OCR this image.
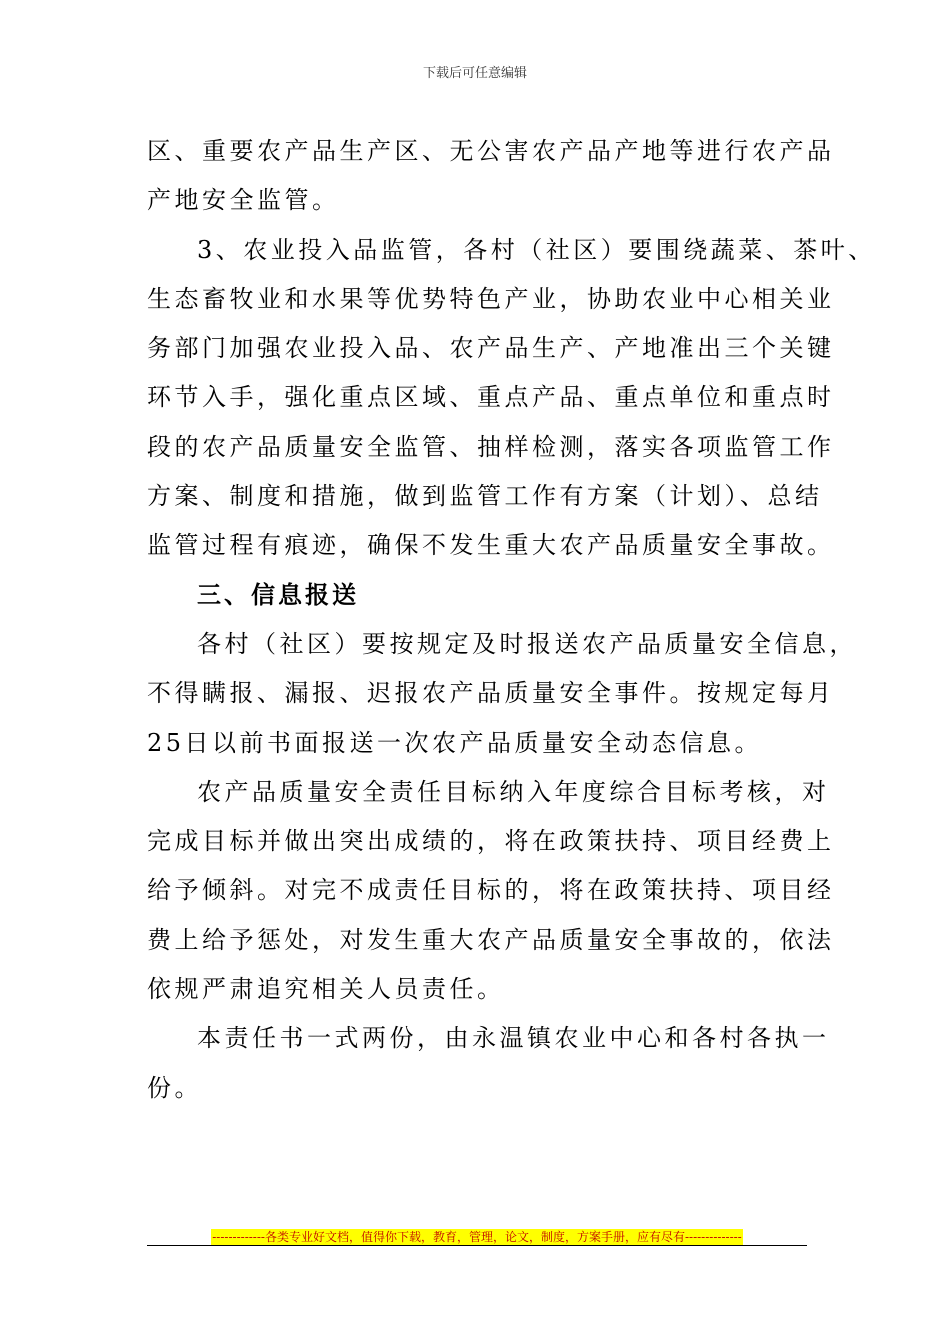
下载后可任意编辑
区、重要农产品生产区、无公害农产品产地等进行农产品
产地安全监管。
3、农业投入品监管，各村（社区）要围绕蔬菜、茶叶、
生态畜牧业和水果等优势特色产业，协助农业中心相关业
务部门加强农业投入品、农产品生产、产地准出三个关键
环节入手，强化重点区域、重点产品、重点单位和重点时
段的农产品质量安全监管、抽样检测，落实各项监管工作
方案、制度和措施，做到监管工作有方案（计划）、总结
监管过程有痕迹，确保不发生重大农产品质量安全事故。
三、信息报送
各村（社区）要按规定及时报送农产品质量安全信息，
不得瞒报、漏报、迟报农产品质量安全事件。按规定每月
25日以前书面报送一次农产品质量安全动态信息。
农产品质量安全责任目标纳入年度综合目标考核，对
完成目标并做出突出成绩的，将在政策扶持、项目经费上
给予倾斜。对完不成责任目标的，将在政策扶持、项目经
费上给予惩处，对发生重大农产品质量安全事故的，依法
依规严肃追究相关人员责任。
本责任书一式两份，由永温镇农业中心和各村各执一
份。
-------------各类专业好文档，值得你下载，教育，管理，论文，制度，方案手册，应有尽有--------------
